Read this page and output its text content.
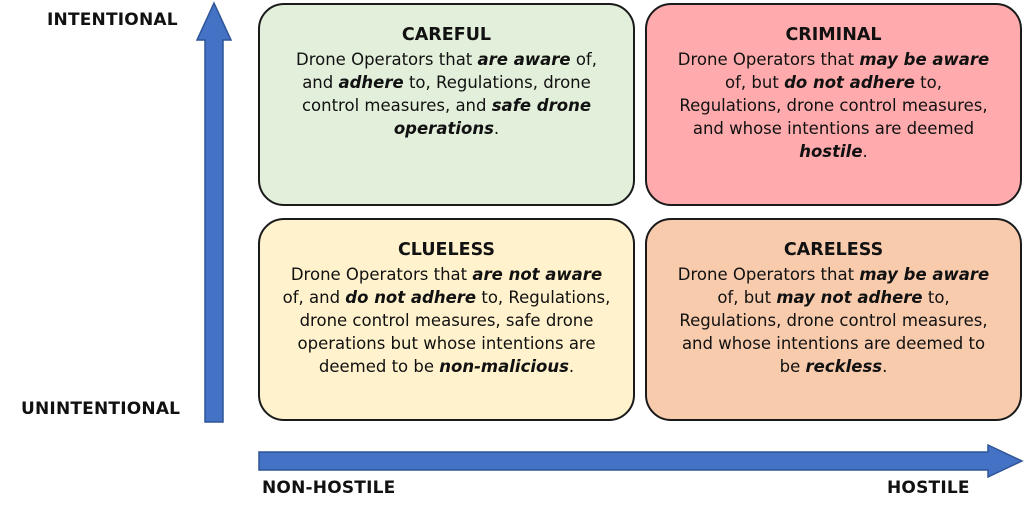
INTENTIONAL
UNINTENTIONAL
NON-HOSTILE	HOSTILE
CAREFUL
Drone Operators that are aware of, and adhere to, Regulations, drone control measures, and safe drone operations.
CRIMINAL
Drone Operators that may be aware of, but do not adhere to, Regulations, drone control measures, and whose intentions are deemed hostile.
CLUELESS
Drone Operators that are not aware of, and do not adhere to, Regulations, drone control measures, safe drone operations but whose intentions are deemed to be non-malicious.
CARELESS
Drone Operators that may be aware of, but may not adhere to, Regulations, drone control measures, and whose intentions are deemed to be reckless.
